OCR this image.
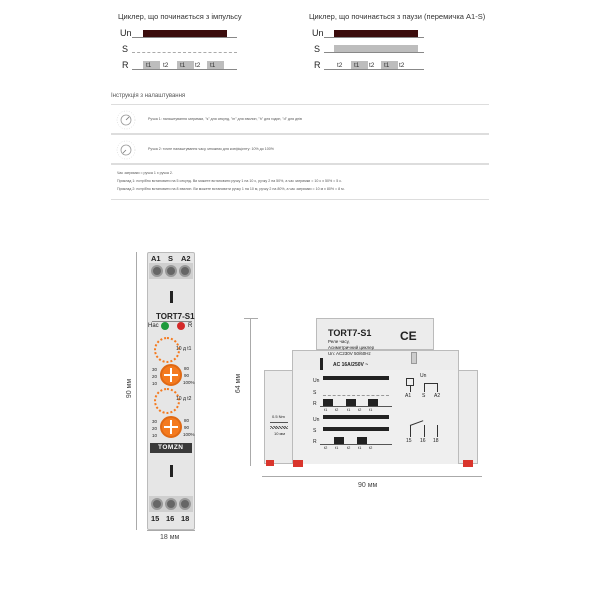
Циклер, що починається з імпульсу
Un
S
R	t1 t2 t1 t2 t1
Циклер, що починається з паузи (перемичка A1-S)
Un
S
R	t2 t1 t2 t1 t2
Інструкція з налаштування
Ручка 1: налаштування затримки, "s" для секунд, "m" для хвилин, "h" для годин, "d" для днів
Ручка 2: точне налаштування часу, множник для коефіцієнту: 10% до 100%
Час затримки = ручка 1 x ручка 2.
Приклад 1: потрібно встановити на 5 секунд. Ви можете встановити ручку 1 на 10 с, ручку 2 на 50%, а час затримки = 10 с x 50% = 5 с.
Приклад 2: потрібно встановити на 8 хвилин. Ви можете встановити ручку 1 на 10 м, ручку 2 на 80%, а час затримки = 10 м x 80% = 8 м.
90 мм
18 мм
A1 S A2
TORT7-S1
Нас	R
10 д t1
30
20
10
80
90
100%
10 д t2
30
20
10
80
90
100%
TOMZN
15 16 18
64 мм
90 мм
TORT7-S1
Реле часу,
Асиметричний циклер
Un: AC230V 50/60Hz
CE
AC 16A/250V ~
Un
S
R
t1 t2 t1 t2 t1
Un
S
R
t2 t1 t2 t1 t2
Un
A1 S A2
15 16 18
0.5 Nm
10 мм
